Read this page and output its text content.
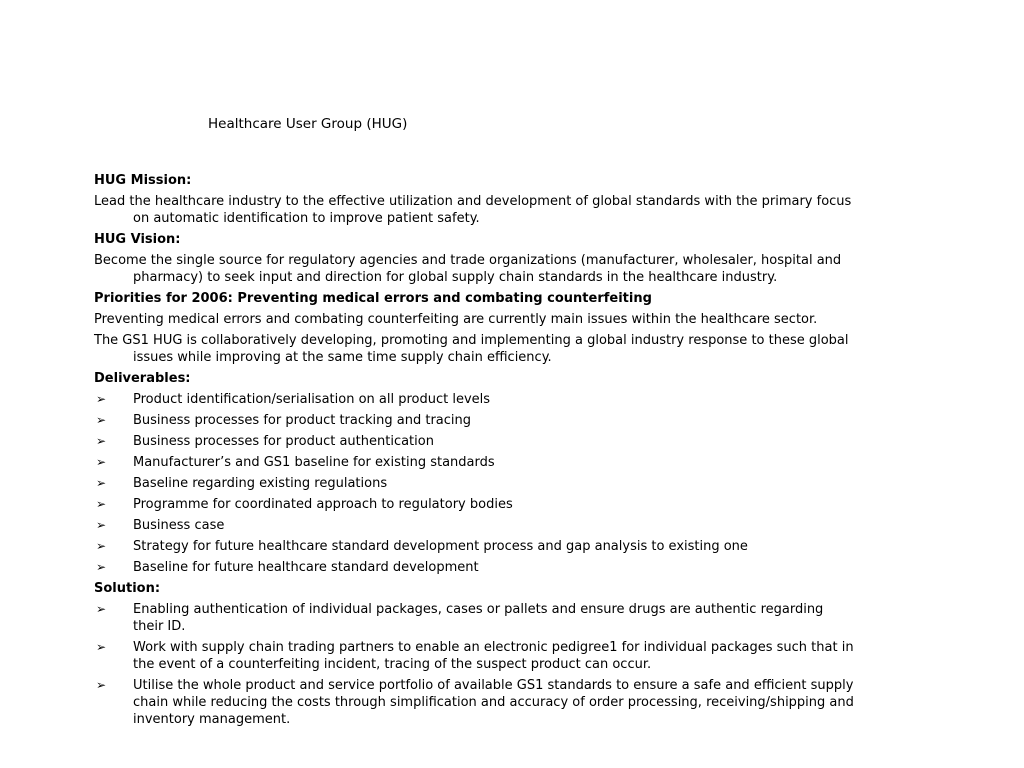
Healthcare User Group (HUG)

HUG Mission:

Lead the healthcare industry to the effective utilization and development of global standards with the primary focus on automatic identification to improve patient safety.

HUG Vision:

Become the single source for regulatory agencies and trade organizations (manufacturer, wholesaler, hospital and pharmacy) to seek input and direction for global supply chain standards in the healthcare industry.

Priorities for 2006: Preventing medical errors and combating counterfeiting

Preventing medical errors and combating counterfeiting are currently main issues within the healthcare sector.

The GS1 HUG is collaboratively developing, promoting and implementing a global industry response to these global issues while improving at the same time supply chain efficiency.

Deliverables:

➢	Product identification/serialisation on all product levels
➢	Business processes for product tracking and tracing
➢	Business processes for product authentication
➢	Manufacturer’s and GS1 baseline for existing standards
➢	Baseline regarding existing regulations
➢	Programme for coordinated approach to regulatory bodies
➢	Business case
➢	Strategy for future healthcare standard development process and gap analysis to existing one
➢	Baseline for future healthcare standard development

Solution:

➢	Enabling authentication of individual packages, cases or pallets and ensure drugs are authentic regarding their ID.
➢	Work with supply chain trading partners to enable an electronic pedigree1 for individual packages such that in the event of a counterfeiting incident, tracing of the suspect product can occur.
➢	Utilise the whole product and service portfolio of available GS1 standards to ensure a safe and efficient supply chain while reducing the costs through simplification and accuracy of order processing, receiving/shipping and inventory management.
